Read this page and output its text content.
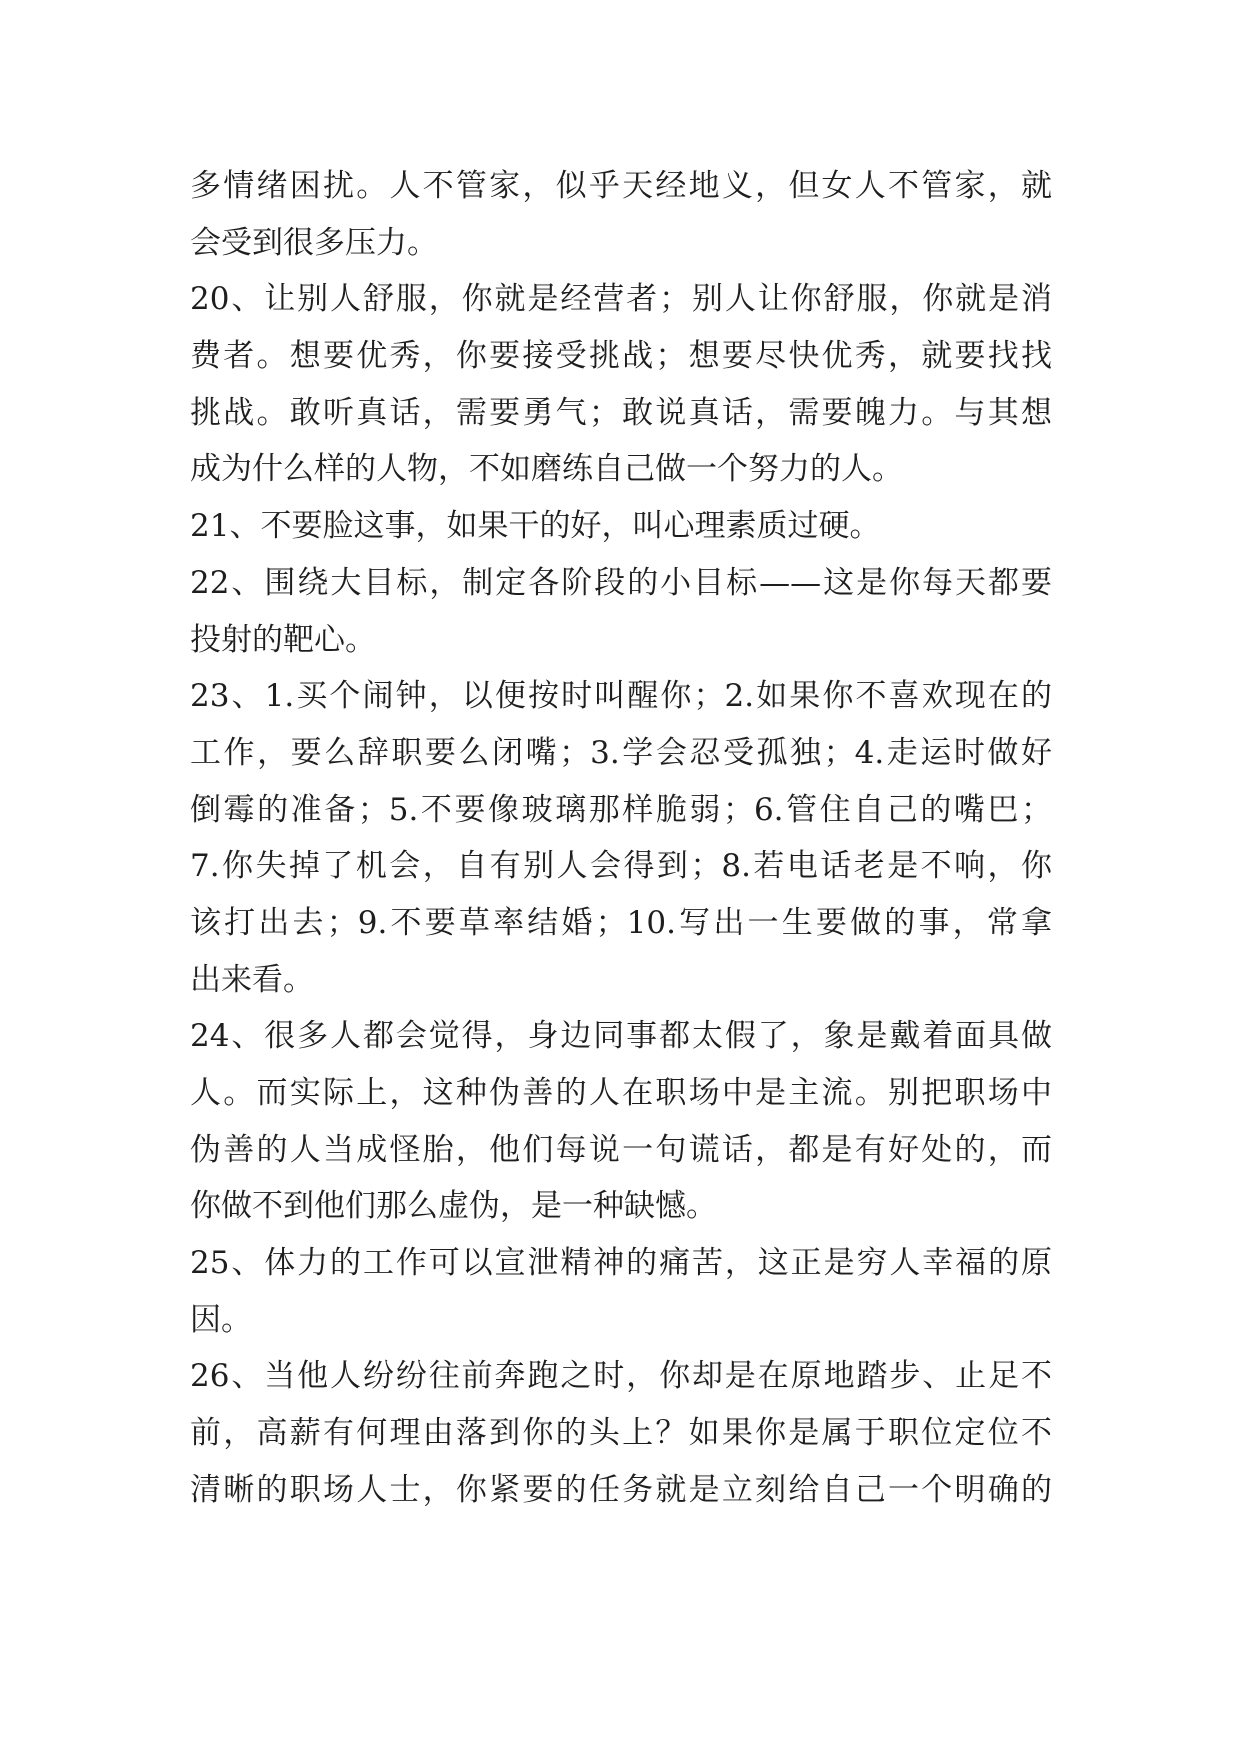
多情绪困扰。人不管家，似乎天经地义，但女人不管家，就
会受到很多压力。
20、让别人舒服，你就是经营者；别人让你舒服，你就是消
费者。想要优秀，你要接受挑战；想要尽快优秀，就要找找
挑战。敢听真话，需要勇气；敢说真话，需要魄力。与其想
成为什么样的人物，不如磨练自己做一个努力的人。
21、不要脸这事，如果干的好，叫心理素质过硬。
22、围绕大目标，制定各阶段的小目标——这是你每天都要
投射的靶心。
23、1.买个闹钟，以便按时叫醒你；2.如果你不喜欢现在的
工作，要么辞职要么闭嘴；3.学会忍受孤独；4.走运时做好
倒霉的准备；5.不要像玻璃那样脆弱；6.管住自己的嘴巴；
7.你失掉了机会，自有别人会得到；8.若电话老是不响，你
该打出去；9.不要草率结婚；10.写出一生要做的事，常拿
出来看。
24、很多人都会觉得，身边同事都太假了，象是戴着面具做
人。而实际上，这种伪善的人在职场中是主流。别把职场中
伪善的人当成怪胎，他们每说一句谎话，都是有好处的，而
你做不到他们那么虚伪，是一种缺憾。
25、体力的工作可以宣泄精神的痛苦，这正是穷人幸福的原
因。
26、当他人纷纷往前奔跑之时，你却是在原地踏步、止足不
前，高薪有何理由落到你的头上？如果你是属于职位定位不
清晰的职场人士，你紧要的任务就是立刻给自己一个明确的
